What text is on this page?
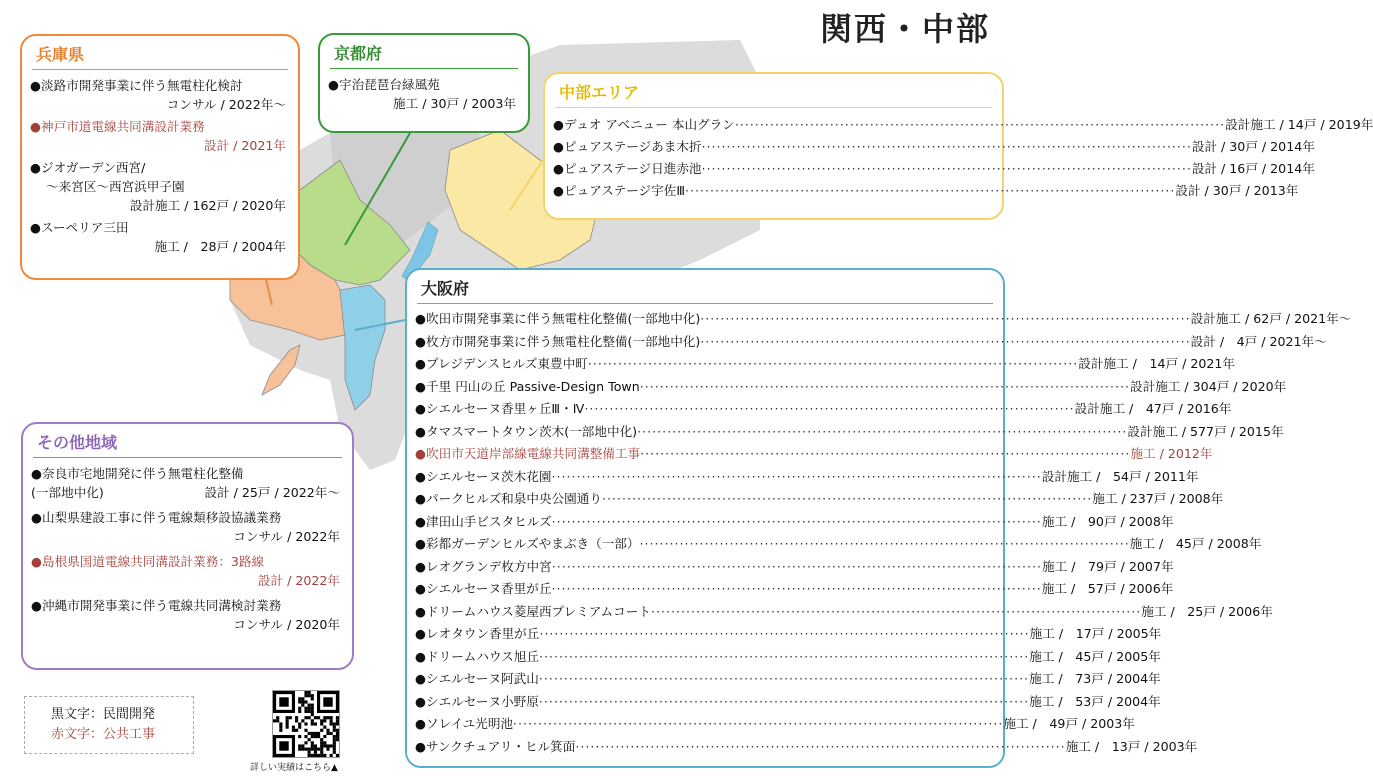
関西・中部
兵庫県
●淡路市開発事業に伴う無電柱化検討
コンサル / 2022年～
●神戸市道電線共同溝設計業務
設計 / 2021年
●ジオガーデン西宮/
～来宮区～西宮浜甲子園
設計施工 / 162戸 / 2020年
●スーペリア三田
施工 /　28戸 / 2004年
京都府
●宇治琵琶台緑風苑
施工 / 30戸 / 2003年
中部エリア
● デュオ アベニュー 本山グラン ·····	設計施工 / 14戸 / 2019年
● ピュアステージあま木折 ·····	設計 / 30戸 / 2014年
● ピュアステージ日進赤池 ·····	設計 / 16戸 / 2014年
● ピュアステージ宇佐Ⅲ ·····	設計 / 30戸 / 2013年
大阪府
● 吹田市開発事業に伴う無電柱化整備(一部地中化) ·····	設計施工 / 62戸 / 2021年～
● 枚方市開発事業に伴う無電柱化整備(一部地中化) ·····	設計 /　4戸 / 2021年～
● プレジデンスヒルズ東豊中町 ·····	設計施工 /　14戸 / 2021年
● 千里 円山の丘 Passive-Design Town ·····	設計施工 / 304戸 / 2020年
● シエルセーヌ香里ヶ丘Ⅲ・Ⅳ ·····	設計施工 /　47戸 / 2016年
● タマスマートタウン茨木(一部地中化) ·····	設計施工 / 577戸 / 2015年
● 吹田市天道岸部線電線共同溝整備工事 ·····	施工 / 2012年
● シエルセーヌ茨木花園 ·····	設計施工 /　54戸 / 2011年
● パークヒルズ和泉中央公園通り ·····	施工 / 237戸 / 2008年
● 津田山手ビスタヒルズ ·····	施工 /　90戸 / 2008年
● 彩都ガーデンヒルズやまぶき（一部） ·····	施工 /　45戸 / 2008年
● レオグランデ枚方中宮 ·····	施工 /　79戸 / 2007年
● シエルセーヌ香里が丘 ·····	施工 /　57戸 / 2006年
● ドリームハウス菱屋西プレミアムコート ·····	施工 /　25戸 / 2006年
● レオタウン香里が丘 ·····	施工 /　17戸 / 2005年
● ドリームハウス旭丘 ·····	施工 /　45戸 / 2005年
● シエルセーヌ阿武山 ·····	施工 /　73戸 / 2004年
● シエルセーヌ小野原 ·····	施工 /　53戸 / 2004年
● ソレイユ光明池 ·····	施工 /　49戸 / 2003年
● サンクチュアリ・ヒル箕面 ·····	施工 /　13戸 / 2003年
その他地域
●奈良市宅地開発に伴う無電柱化整備
(一部地中化)	設計 / 25戸 / 2022年～
●山梨県建設工事に伴う電線類移設協議業務
コンサル / 2022年
●島根県国道電線共同溝設計業務：3路線
設計 / 2022年
●沖縄市開発事業に伴う電線共同溝検討業務
コンサル / 2020年
黒文字：民間開発
赤文字：公共工事
詳しい実績はこちら▲
